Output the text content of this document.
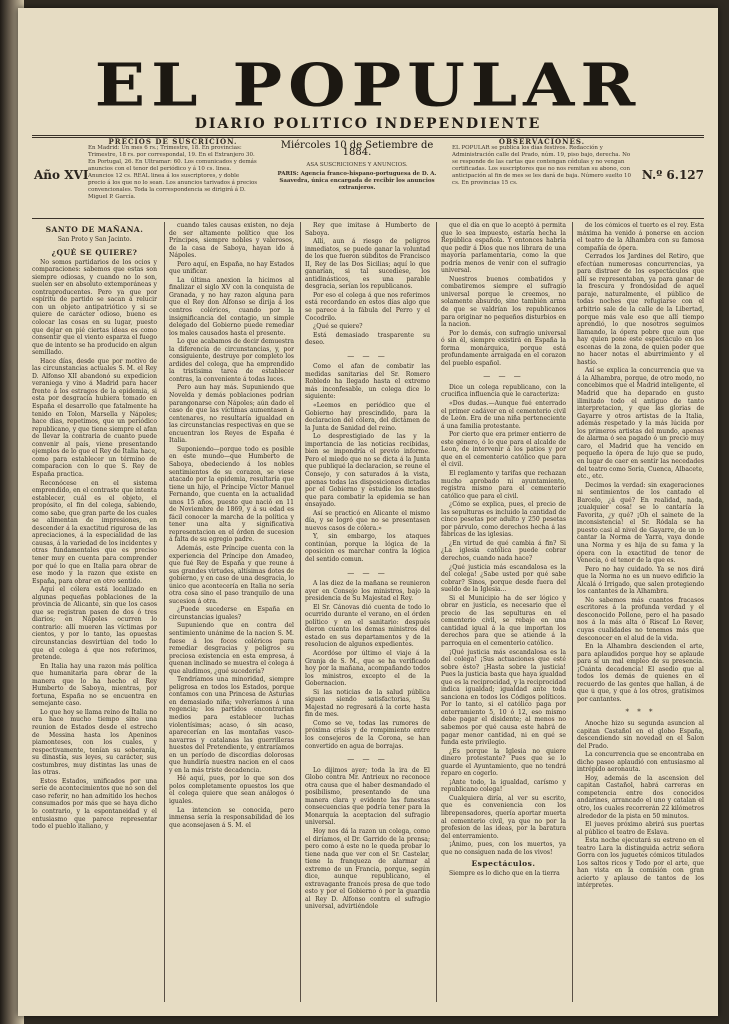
EL POPULAR
DIARIO POLITICO INDEPENDIENTE
Año XVI
PRECIOS DE SUSCRICION.
En Madrid: Un mes 6 rs.; Trimestre, 18. En provincias: Trimestre, 18 rs. por correspondal, 19. En el Extranjero 30. En Portugal, 26. En Ultramar: 60. Los comunicados y demás anuncios con el tenor del periódico y á 10 cs. linea. Anuncios 12 cs. REAL linea á los suscriptores, y doble precio á los que no lo sean. Los anuncios tarivados á precios convencionales. Toda la correspondencia se dirigirá á D. Miguel P. García.
Miércoles 10 de Setiembre de 1884.
ASA SUSCRICIONES Y ANUNCIOS.
PARIS: Agencia franco-hispano-portuguesa de D. A. Saavedra, única encargada de recibir los anuncios extranjeros.
OBSERVACIONES.
EL POPULAR se publica los días festivos. Redacción y Administración calle del Prado, núm. 19, piso bajo, derecha. No se responde de las cartas que contengan cédulas y no vengan certificadas. Los suscriptores que no nos remitan su abono, con anticipación al fin de mes se les dará de baja. Número suelto 10 cs. En provincias 15 cs.
N.º 6.127
SANTO DE MAÑANA.
San Proto y San Jacinto.
¿QUÉ SE QUIERE?

No somos partidarios de los ocios y comparaciones: sabemos que estas son siempre odiosas, y cuando no lo son, suelen ser en absoluto extemporáneas y contraproducentes. Pero ya que por espíritu de partido se sacan á relucir con un objeto antipatriótico y si se quiere de carácter odioso, bueno es colocar las cosas en su lugar, puesto que dejar en pié ciertas ideas es como consentir que el viento esparza el fuego que de intento se ha producido en algun semillado.

Hace días, desde que por motivo de las circunstancias actuales S. M. el Rey D. Alfonso XII abandonó su expedicion veraniega y vino á Madrid para hacer frente á los estragos de la epidemia, si esta por desgracia hubiera tomado en España el desarrollo que fatalmente ha tenido en Tolon, Marsella y Nápoles; hace dias, repetimos, que un periódico republicano, y que tiene siempre el afan de llevar la contraria de cuanto puede convenir al país, viene presentando ejemplos de lo que el Rey de Italia hace, como para establecer un término de comparacion con lo que S. Rey de España practica.

Reconócese en el sistema emprendido, en el contraste que intenta establecer, cuál es el objeto, el propósito, el fin del colega, sabiendo, como sabe, que gran parte de los cuales se alimentan de impresiones, en descender á la exactitud rigurosa de las apreciaciones, á la especialidad de las causas, á la variedad de los incidentes y otras fundamentales que es preciso tener muy en cuenta para comprender por qué lo que en Italia para obrar de ese modo y la razon que existe en España, para obrar en otro sentido.

Aquí el cólera está localizado en algunas pequeñas poblaciones de la provincia de Alicante, sin que los casos que se registran pasen de dos ó tres diarios; en Nápoles ocurren lo contrario: allí mueren las víctimas por cientos, y por lo tanto, las opuestas circunstancias desvirtúan del todo lo que el colega á que nos referimos, pretende.

En Italia hay una razon más política que humanitaria para obrar de la manera que lo ha hecho el Rey Humberto de Saboya, mientras, por fortuna, España no se encuentra en semejante caso.

Lo que hoy se llama reino de Italia no era hace mucho tiempo sino una reunion de Estados desde el estrecho de Messina hasta los Apeninos piamonteses, con los cuales, y respectivamente, tenían su soberanía, su dinastía, sus leyes, su carácter, sus costumbres, muy distintas las unas de las otras.

Estos Estados, unificados por una serie de acontecimientos que no son del caso referir, no han admitido los hechos consumados por más que se haya dicho lo contrario, y la espontaneidad y el entusiasmo que parece representar todo el pueblo italiano, y

cuando tales causas existen, no deja de ser altamente político que los Príncipes, siempre nobles y valerosos, de la casa de Saboya, hayan ido á Nápoles.

Pero aquí, en España, no hay Estados que unificar.

La última anexion la hicimos al finalizar el siglo XV con la conquista de Granada, y no hay razon alguna para que el Rey don Alfonso se dirija á los centros coléricos, cuando por la insignificancia del contagio, un simple delegado del Gobierno puede remediar los males causados hasta el presente.

Lo que acabamos de decir demuestra la diferencia de circunstancias, y, por consiguiente, destruye por completo los ardides del colega, que ha emprendido la tristisima tarea de establecer contras, la conveniente á todas luces.

Pero aun hay más. Supuniendo que Novelda y demás poblaciones podrían parangonarse con Nápoles; aún dado el caso de que las víctimas aumentasen á centenares, no resultaría igualdad en las circunstancias respectivas en que se encuentran los Reyes de España é Italia.

Suponiendo—porque todo es posible en este mundo—que Humberto de Saboya, obedeciendo á los nobles sentimientos de su corazon, se viese atacado por la epidemia, resultaría que tiene un hijo, el Príncipe Víctor Manuel Fernando, que cuenta en la actualidad unos 15 años, puesto que nació en 11 de Noviembre de 1869, y á su edad es fácil conocer la marcha de la política y tener una alta y significativa representacion en el órden de sucesion á falta de su egregio padre.

Además, este Príncipe cuenta con la experiencia del Príncipe don Amadeo, que fué Rey de España y que reune á sus grandes virtudes, altísimas dotes de gobierno, y en caso de una desgracia, lo único que acontecería en Italia no sería otra cosa sino el paso tranquilo de una sucesion á otra.

¿Puede sucederse en España en circunstancias iguales?

Supuniendo que en contra del sentimiento unánime de la nacion S. M. fuese á los focos coléricos para remediar desgracias y peligros su preciosa existencia en esta empresa, á quenan inclinado se muestra el colega á que aludimos, ¿qué sucedería?

Tendríamos una minoridad, siempre peligrosa en todos los Estados, porque contamos con una Princesa de Asturias en demasiado niña; volveríamos á una regencia; los partidos encontrarían medios para establecer luchas violentísimas; acaso, ó sin acaso, aparecerían en las montañas vasco-navarras y catalanas las guerrilleras huestes del Pretendiente, y entraríamos en un período de discordias dolorosas que hundiría nuestra nacion en el caos y en la más triste decadencia.

Hé aquí, pues, por lo que son dos polos completamente opuestos los que el colega quiere que sean análogos ó iguales.

La intencion se conocida, pero inmensa sería la responsabilidad de los que aconsejasen á S. M. el

Rey que imitase á Humberto de Saboya.

Allí, aun á riesgo de peligros inmediatos, se puede ganar la voluntad de los que fueron súbditos de Francisco II, Rey de las Dos Sicilias; aquí lo que ganarían, si tal sucediese, los antidinásticos, es una parable desgracia, serían los republicanos.

Por eso el colega á que nos referimos está recordando en estos días algo que se parece á la fábula del Perro y el Cocodrilo.

¿Qué se quiere?

Está demasiado trasparente su deseo.

— — —

Como el afan de combatir las medidas sanitarias del Sr. Romero Robledo ha llegado hasta el extremo más inconfesable, un colega dice lo siguiente:

«Leemos en periódico que el Gobierno hay prescindido, para la declaracion del cólera, del dictámen de la Junta de Sanidad del reino.

Lo desprestigiado de las y la importancia de las noticias recibidas, bien se impondría el previo informe. Pero el miedo que no se dicta á la Junta que publiqué la declaracion, se reune el Consejo, y con saturados á la vista, apenas todas las disposiciones dictadas por el Gobierno y estudie los medios que para combatir la epidemia se han ensayado.

Así se practicó en Alicante el mismo día, y se logró que no se presentasen nuevos casos de cólera.»

Y, sin embargo, los ataques continúan, porque la lógica de la oposicion es marchar contra la lógica del sentido comun.

— — —

A las diez de la mañana se reunieron ayer en Consejo los ministros, bajo la presidencia de Su Majestad el Rey.

El Sr. Cánovas dió cuenta de todo lo ocurrido durante el verano, en el órden político y en el sanitario: después dieron cuenta los demas ministros del estado en sus departamentos y de la resolucion de algunos expedientes.

Acordóse por último el viaje á la Granja de S. M., que se ha verificado hoy por la mañana, acompañando todos los ministros, excepto el de la Gobernacion.

Si las noticias de la salud pública siguen siendo satisfactorias, Su Majestad no regresará á la corte hasta fin de mes.

Como se ve, todas las rumores de próxima crisis y de rompimiento entre los consejeros de la Corona, se han convertido en agua de borrajas.

— — —

Lo dijimos ayer; toda la ira de El Globo contra Mr. Antrieux no reconoce otra causa que el haber desmandado el posibilismo, presentando de una manera clara y evidente las funestas consecuencias que podría tener para la Monarquía la aceptacion del sufragio universal.

Hoy nos dá la razon un colega, como el diríamos, el Dr. Garrido de la prensa; pero como á este no le queda probar lo tiene nada que ver con el Sr. Castelar, tiene la franqueza de alarmar al extremo de un Francia, porque, según dice, aunque republicano, el extravagante francés presa de que todo esto y por el Gobierno ó por la guardia al Rey D. Alfonso contra el sufragio universal, advirtiéndole

que el día en que lo aceptó á permita que lo sea impuesto, estaría hecha la República española. Y entonces habría que pedir á Dios que nos librara de una mayoría parlamentaria, como la que podría menos de venir con el sufragio universal.

Nuestros buenos combatidos y combatiremos siempre el sufragio universal porque le creemos, no solamente absurdo, sino también arma de que se valdrían los republicanos para originar no pequeños disturbios en la nacion.

Por lo demás, con sufragio universal ó sin él, siempre existirá en España la forma monárquica, porque está profundamente arraigada en el corazon del pueblo español.

— — —

Dice un colega republicano, con la crucifica influencia que le caracteriza:

«Dos dudas.—Aunque fué enterrado el primer cadáver en el cementerio civil de León. Era de una niña perteneciente á una familia protestante.

Por cierto que era primer entierro de este género, ó lo que para el alcalde de Leon, de intervenir á los patios y por que en el cementerio católico que para el civil.

El reglamento y tarifas que rechazan mucho aprobado ni ayuntamiento, registra mismo para el cementerio católico que para el civil.

¿Cómo se explica, pues, el precio de las sepulturas es incluido la cantidad de cinco pesetas por adulto y 250 pesetas por párvulo, como derechos hecha á las fábricas de las iglesias.

¿En virtud de qué cambia á fin? Si ¿La iglesia católica puede cobrar derechos, cuando nada hace?

¿Qué justicia más escandalosa es la del colega! ¿Sabe usted por qué sabe cobrar? Sinos, porque desde fuera del sueldo de la Iglesia...

Si el Municipio ha de ser lógico y obrar en justicia, es necesario que el precio de las sepulturas en el cementerio civil, se rebaje en una cantidad igual á la que importan los derechos para que se atiende á la parroquia en el cementerio católico.

¡Qué justicia más escandalosa es la del colega! ¡Sus actuaciones que esté sobre ésto? ¡Hasta sobre la justicia! Pues la justicia basta que haya igualdad que es la reciprocidad, y la reciprocidad indica igualdad; igualdad ante toda sanciona en todos los Códigos políticos. Por lo tanto, si el católico paga por enterramiento 5, 10 ó 12, eso mismo debe pagar el disidente; al menos no sabemos por qué causa este habrá de pagar menor cantidad, ni en qué se funda este privilegio.

¿Es porque la Iglesia no quiere dinero protestante? Pues que se lo guarde el Ayuntamiento, que no tendrá reparo en cogerlo.

¡Ante todo, la igualdad, carísmo y republicano colega!

Cualquiera diría, al ver su escrito, que es conveniencia con los librepensadores, quería aportar muerta al cementerio civil, ya que no por la profesion de las ideas, por la baratura del enterramiento.

¡Ánimo, pues, con los muertos, ya que no consiguen nada de los vivos!

Espectáculos.

Siempre es lo dicho que en la tierra

de los cómicos el tuerto es el rey. Esta máxima ha venido á ponerse en accion el teatro de la Alhambra con su famosa compañía de ópera.

Cerrados los Jardines del Retiro, que efectúan numerosas concurrencias, ya para distraer de los espectáculos que allí se representaban, ya para ganar de la frescura y frondosidad de aquel paraje, naturalmente, el público de todas noches que refugiarse con el arbitrio sale de la calle de la Libertad, porque más vale eso que allí tiempo aprendió, lo que nosotros seguimos llamando, la ópera pobre que aun que hay quien pone este espectáculo en los escenas de la zona, de quien poder que no hacer notas el aburrimiento y el hastío.

Así se explica la concurrencia que va á la Alhambra, porque, de otro modo, no concebimos que el Madrid inteligente, el Madrid que ha deparado en gusto ilimitado todo el antiguo de tanto interpretacion, y que las glorias de Gayarre y otros artistas de la Italia, además respetado y la más lúcida por los primeros artistas del mundo, apenas de alarma ó sea pagado ó un precio muy caro, el Madrid que ha vencido en pequeño la ópera de lujo que se pudo, en lugar de caer en sentir las necedades del teatro como Soria, Cuenca, Albacete, etc., etc.

Decimos la verdad: sin exageraciones ni sentimientos de los cantado el Barcelo, ¿á qué? En realidad, nada, ¡cualquier cosa! se lo cantaría la Favorita, ¿y qué? ¡Oh el sainete de la inconsistencia! el Sr. Ródala se ha puesto casi al nivel de Gayarre, de un lo cantar la Norma de Yarra, vaya donde una Norma y es hija de su fama y la ópera con la exactitud de tenor de Venecia, ó el tenor de la que es.

Pero no hay cuidado. Ya se nos dirá que la Norma no es un nuevo edificio la Alcalá ó Irrigado, que salen protegiendo los cantantes de la Alhambra.

No sabemos más cuantos fracasos escritores á la profunda verdad y el desconocido Pollone, pero el ha pasado nos á la más alta ó Riscaf Lo Rever, cuyas cualidades no tenemos más que desconocer en el alud de la vida.

En la Alhambra descienden el arte, para aplaudidos porque hoy se aplaude para sí un mal empleo de su presencia. ¡Cuánta decadencia! El asedio que al todos los demás de quienes en el recuerdo de las gentes que hallan, á de que ú que, y que á los otros, gratisimos por cantantes.

* * *

Anoche hizo su segunda asuncion al capitan Castañol en el globo España, descendiendo sin novedad en el Salon del Prado.

La concurrencia que se encontraba en dicho paseo aplaudió con entusiasmo al intrépido aeronauta.

Hoy, además de la ascension del capitan Castañol, habrá carreras en competencia entre dos conocidos andarines, arrancado el uno y catalan el otro, los cuales recorrerán 22 kilómetros alrededor de la pista en 50 minutos.

El jueves próximo abrirá sus puertas al público el teatro de Eslava.

Esta noche ejecutará su estreno en el teatro Lara la distinguida actriz señora Gorra con los juguetes cómicos titulados Los saltos ricos y Todo por el arte, que han vista en la comisión con gran acierto y aplauso de tantos de los intérpretes.
